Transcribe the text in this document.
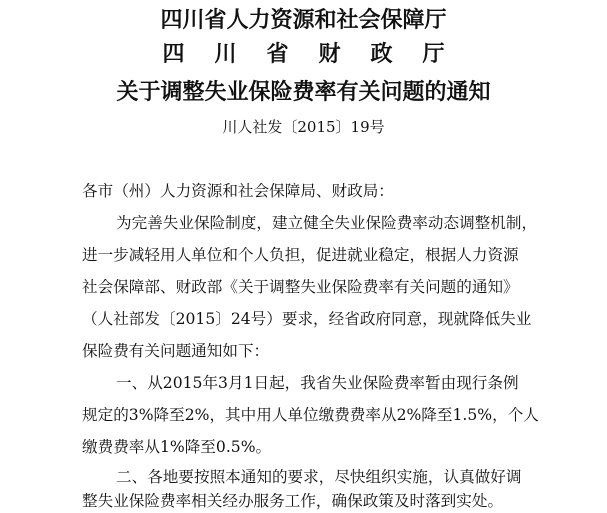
四川省人力资源和社会保障厅
四川省财政厅
关于调整失业保险费率有关问题的通知
川人社发〔2015〕19号
各市（州）人力资源和社会保障局、财政局：
为完善失业保险制度，建立健全失业保险费率动态调整机制，
进一步减轻用人单位和个人负担，促进就业稳定，根据人力资源
社会保障部、财政部《关于调整失业保险费率有关问题的通知》
（人社部发〔2015〕24号）要求，经省政府同意，现就降低失业
保险费有关问题通知如下：
一、从2015年3月1日起，我省失业保险费率暂由现行条例
规定的3%降至2%，其中用人单位缴费费率从2%降至1.5%，个人
缴费费率从1%降至0.5%。
二、各地要按照本通知的要求，尽快组织实施，认真做好调
整失业保险费率相关经办服务工作，确保政策及时落到实处。
